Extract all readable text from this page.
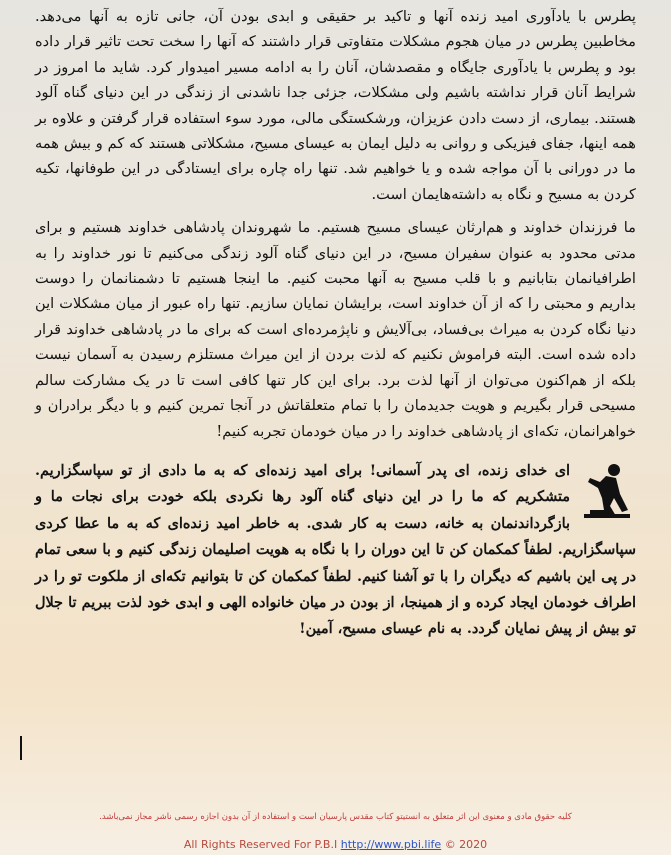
پطرس با یادآوری امید زنده آنها و تاکید بر حقیقی و ابدی بودن آن، جانی تازه به آنها می‌دهد. مخاطبین پطرس در میان هجوم مشکلات متفاوتی قرار داشتند که آنها را سخت تحت تاثیر قرار داده بود و پطرس با یادآوری جایگاه و مقصدشان، آنان را به ادامه مسیر امیدوار کرد. شاید ما امروز در شرایط آنان قرار نداشته باشیم ولی مشکلات، جزئی جدا ناشدنی از زندگی در این دنیای گناه آلود هستند. بیماری، از دست دادن عزیزان، ورشکستگی مالی، مورد سوء استفاده قرار گرفتن و علاوه بر همه اینها، جفای فیزیکی و روانی به دلیل ایمان به عیسای مسیح، مشکلاتی هستند که کم و بیش همه ما در دورانی با آن مواجه شده و یا خواهیم شد. تنها راه چاره برای ایستادگی در این طوفانها، تکیه کردن به مسیح و نگاه به داشته‌هایمان است.

ما فرزندان خداوند و هم‌ارثان عیسای مسیح هستیم. ما شهروندان پادشاهی خداوند هستیم و برای مدتی محدود به عنوان سفیران مسیح، در این دنیای گناه آلود زندگی می‌کنیم تا نور خداوند را به اطرافیانمان بتابانیم و با قلب مسیح به آنها محبت کنیم. ما اینجا هستیم تا دشمنانمان را دوست بداریم و محبتی را که از آن خداوند است، برایشان نمایان سازیم. تنها راه عبور از میان مشکلات این دنیا نگاه کردن به میراث بی‌فساد، بی‌آلایش و ناپژمرده‌ای است که برای ما در پادشاهی خداوند قرار داده شده است. البته فراموش نکنیم که لذت بردن از این میراث مستلزم رسیدن به آسمان نیست بلکه از هم‌اکنون می‌توان از آنها لذت برد. برای این کار تنها کافی است تا در یک مشارکت سالم مسیحی قرار بگیریم و هویت جدیدمان را با تمام متعلقاتش در آنجا تمرین کنیم و با دیگر برادران و خواهرانمان، تکه‌ای از پادشاهی خداوند را در میان خودمان تجربه کنیم!

ای خدای زنده، ای پدر آسمانی! برای امید زنده‌ای که به ما دادی از تو سپاسگزاریم. متشکریم که ما را در این دنیای گناه آلود رها نکردی بلکه خودت برای نجات ما و بازگرداندنمان به خانه، دست به کار شدی. به خاطر امید زنده‌ای که به ما عطا کردی سپاسگزاریم. لطفاً کمکمان کن تا این دوران را با نگاه به هویت اصلیمان زندگی کنیم و با سعی تمام در پی این باشیم که دیگران را با تو آشنا کنیم. لطفاً کمکمان کن تا بتوانیم تکه‌ای از ملکوت تو را در اطراف خودمان ایجاد کرده و از همینجا، از بودن در میان خانواده الهی و ابدی خود لذت ببریم تا جلال تو بیش از پیش نمایان گردد. به نام عیسای مسیح، آمین!

کلیه حقوق مادی و معنوی این اثر متعلق به انستیتو کتاب مقدس پارسیان است و استفاده از آن بدون اجازه رسمی ناشر مجاز نمی‌باشد.
All Rights Reserved For P.B.I http://www.pbi.life © 2020
